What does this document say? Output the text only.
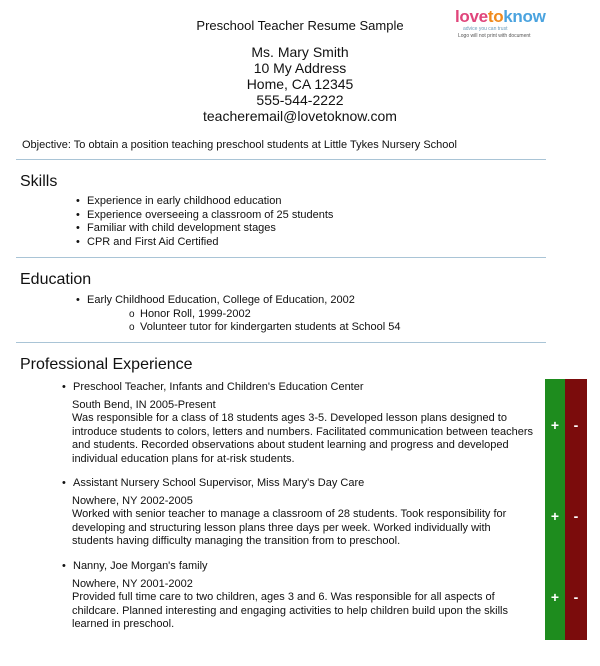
Preschool Teacher Resume Sample	lovetoknow
advice you can trust
Logo will not print with document
Ms. Mary Smith
10 My Address
Home, CA 12345
555-544-2222
teacheremail@lovetoknow.com
Objective: To obtain a position teaching preschool students at Little Tykes Nursery School
Skills
• Experience in early childhood education
• Experience overseeing a classroom of 25 students
• Familiar with child development stages
• CPR and First Aid Certified
Education
• Early Childhood Education, College of Education, 2002
o Honor Roll, 1999-2002
o Volunteer tutor for kindergarten students at School 54
Professional Experience
• Preschool Teacher, Infants and Children's Education Center
South Bend, IN 2005-Present
Was responsible for a class of 18 students ages 3-5. Developed lesson plans designed to introduce students to colors, letters and numbers. Facilitated communication between teachers and students. Recorded observations about student learning and progress and developed individual education plans for at-risk students.
• Assistant Nursery School Supervisor, Miss Mary's Day Care
Nowhere, NY 2002-2005
Worked with senior teacher to manage a classroom of 28 students. Took responsibility for developing and structuring lesson plans three days per week. Worked individually with students having difficulty managing the transition from to preschool.
• Nanny, Joe Morgan's family
Nowhere, NY 2001-2002
Provided full time care to two children, ages 3 and 6. Was responsible for all aspects of childcare. Planned interesting and engaging activities to help children build upon the skills learned in preschool.
+	-
+	-
+	-
